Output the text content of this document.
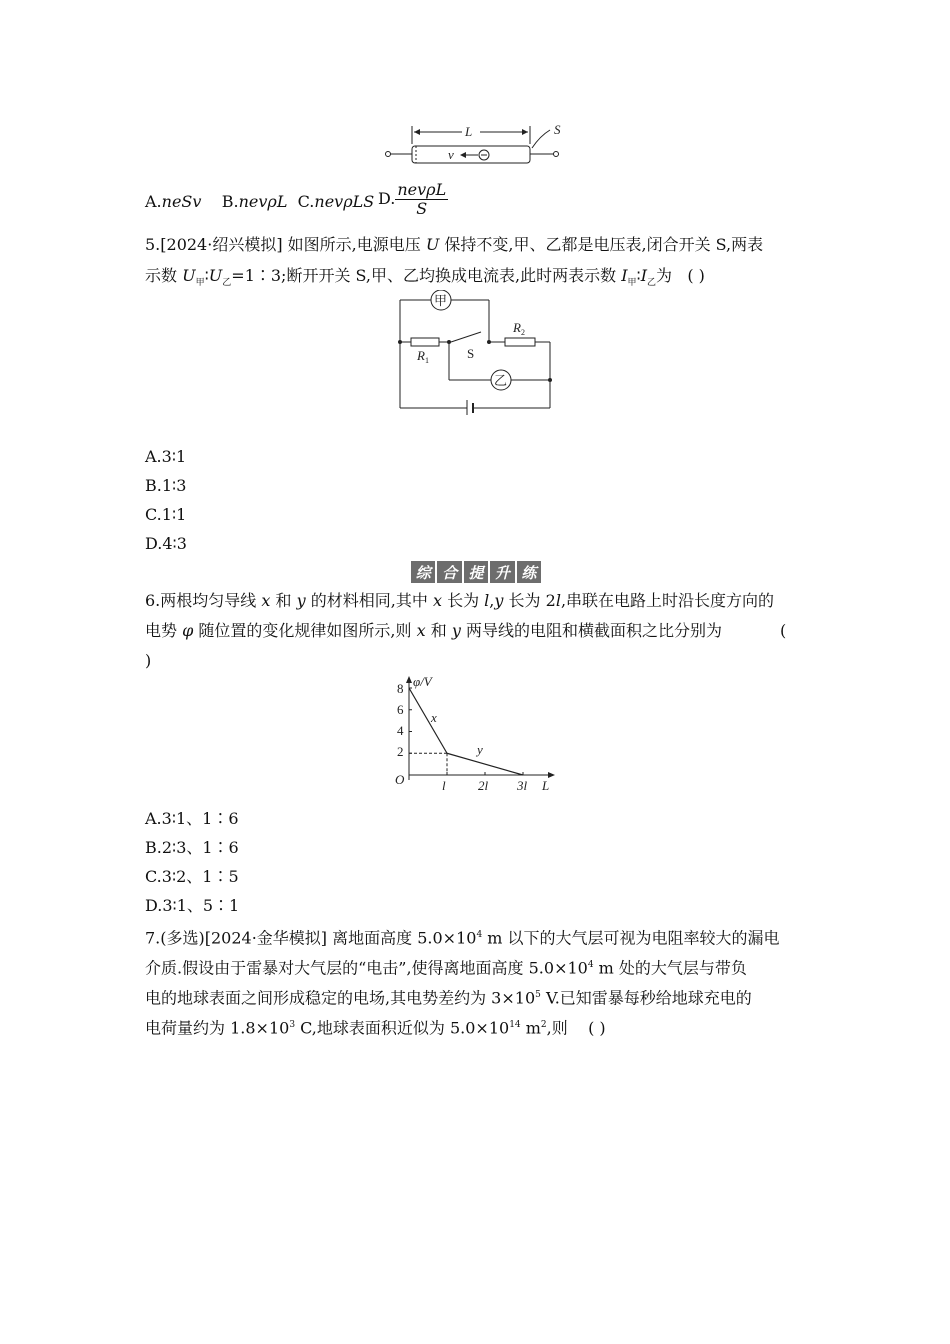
L	S
v
A.neSv B.nevρL C.nevρLS D. $\frac{\text{nevρL}}{S}$
5.[2024·绍兴模拟] 如图所示,电源电压 U 保持不变,甲、乙都是电压表,闭合开关 S,两表
示数 $U_甲∶U_乙=1∶3$;断开开关 S,甲、乙均换成电流表,此时两表示数 $I_甲∶I_乙$为 ( )
甲
乙
$R_1$
$R_2$
S
A.3∶1
B.1∶3
C.1∶1
D.4∶3
综 合 提 升 练
6.两根均匀导线 x 和 y 的材料相同,其中 x 长为 l,y 长为 2l,串联在电路上时沿长度方向的
电势 φ 随位置的变化规律如图所示,则 x 和 y 两导线的电阻和横截面积之比分别为	(
)
φ/V
L
O
8
6
4
2
l 2l 3l
x
y
A.3∶1、1∶6
B.2∶3、1∶6
C.3∶2、1∶5
D.3∶1、5∶1
7.(多选)[2024·金华模拟] 离地面高度 $5.0\times 10^4$ m 以下的大气层可视为电阻率较大的漏电
介质.假设由于雷暴对大气层的“电击”,使得离地面高度 $5.0\times 10^4$ m 处的大气层与带负
电的地球表面之间形成稳定的电场,其电势差约为 $3\times 10^5$ V.已知雷暴每秒给地球充电的
电荷量约为 $1.8\times 10^3$ C,地球表面积近似为 $5.0\times 10^{14}$ $m^2$,则 ( )
